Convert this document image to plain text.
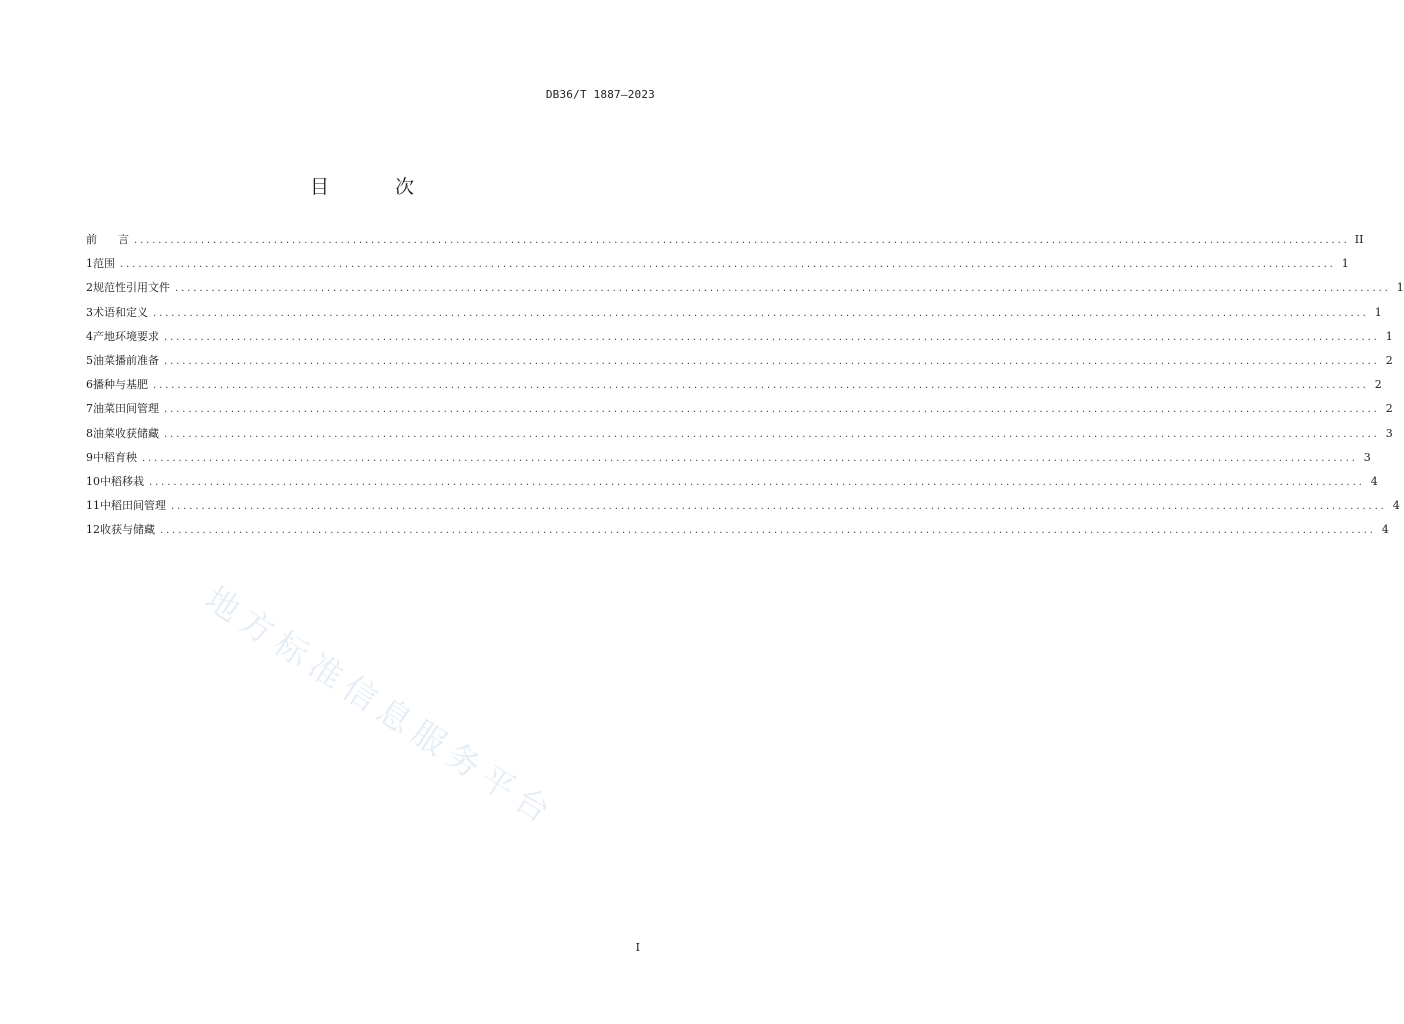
DB36/T 1887—2023
目 次
前      言 ........................................................................................................................................................................................................ II
1 范围 ........................................................................................................................................................................................................ 1
2 规范性引用文件 ........................................................................................................................................................................................................ 1
3 术语和定义 ........................................................................................................................................................................................................ 1
4 产地环境要求 ........................................................................................................................................................................................................ 1
5 油菜播前准备 ........................................................................................................................................................................................................ 2
6 播种与基肥 ........................................................................................................................................................................................................ 2
7 油菜田间管理 ........................................................................................................................................................................................................ 2
8 油菜收获储藏 ........................................................................................................................................................................................................ 3
9 中稻育秧 ........................................................................................................................................................................................................ 3
10 中稻移栽 ........................................................................................................................................................................................................ 4
11 中稻田间管理 ........................................................................................................................................................................................................ 4
12 收获与储藏 ........................................................................................................................................................................................................ 4
地方标准信息服务平台
I
